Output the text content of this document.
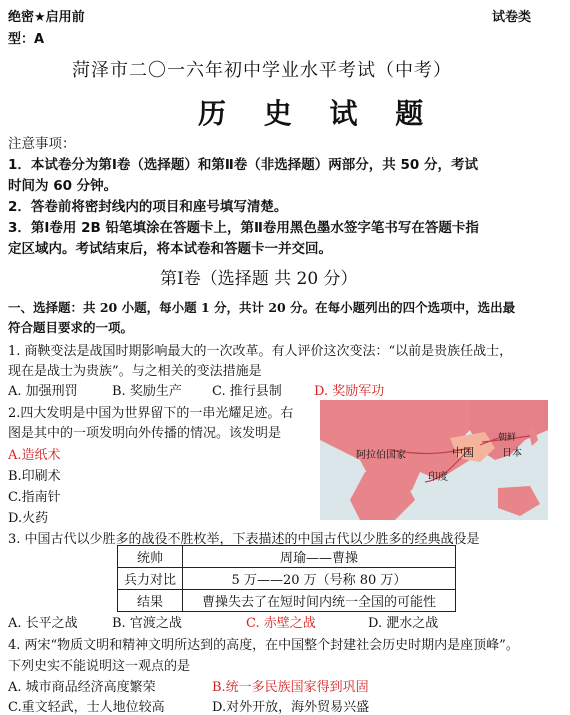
绝密★启用前	试卷类
型：A
菏泽市二〇一六年初中学业水平考试（中考）
历 史 试 题
注意事项：
1．本试卷分为第Ⅰ卷（选择题）和第Ⅱ卷（非选择题）两部分，共 50 分，考试
时间为 60 分钟。
2．答卷前将密封线内的项目和座号填写清楚。
3．第Ⅰ卷用 2B 铅笔填涂在答题卡上，第Ⅱ卷用黑色墨水签字笔书写在答题卡指
定区域内。考试结束后，将本试卷和答题卡一并交回。
第Ⅰ卷（选择题 共 20 分）
一、选择题：共 20 小题，每小题 1 分，共计 20 分。在每小题列出的四个选项中，选出最
符合题目要求的一项。
1. 商鞅变法是战国时期影响最大的一次改革。有人评价这次变法：“以前是贵族任战士，
现在是战士为贵族”。与之相关的变法措施是
A. 加强刑罚	B. 奖励生产 C. 推行县制 D. 奖励军功
2.四大发明是中国为世界留下的一串光耀足迹。右
图是其中的一项发明向外传播的情况。该发明是
A.造纸术
B.印刷术
C.指南针
D.火药
阿拉伯国家	中国
朝鲜
日本
印度
3. 中国古代以少胜多的战役不胜枚举，下表描述的中国古代以少胜多的经典战役是
统帅	周瑜——曹操
兵力对比	5 万——20 万（号称 80 万）
结果	曹操失去了在短时间内统一全国的可能性
A. 长平之战	B. 官渡之战	C. 赤壁之战	D. 淝水之战
4. 两宋“物质文明和精神文明所达到的高度，在中国整个封建社会历史时期内是座顶峰”。
下列史实不能说明这一观点的是
A. 城市商品经济高度繁荣	B.统一多民族国家得到巩固
C.重文轻武，士人地位较高	D.对外开放，海外贸易兴盛
